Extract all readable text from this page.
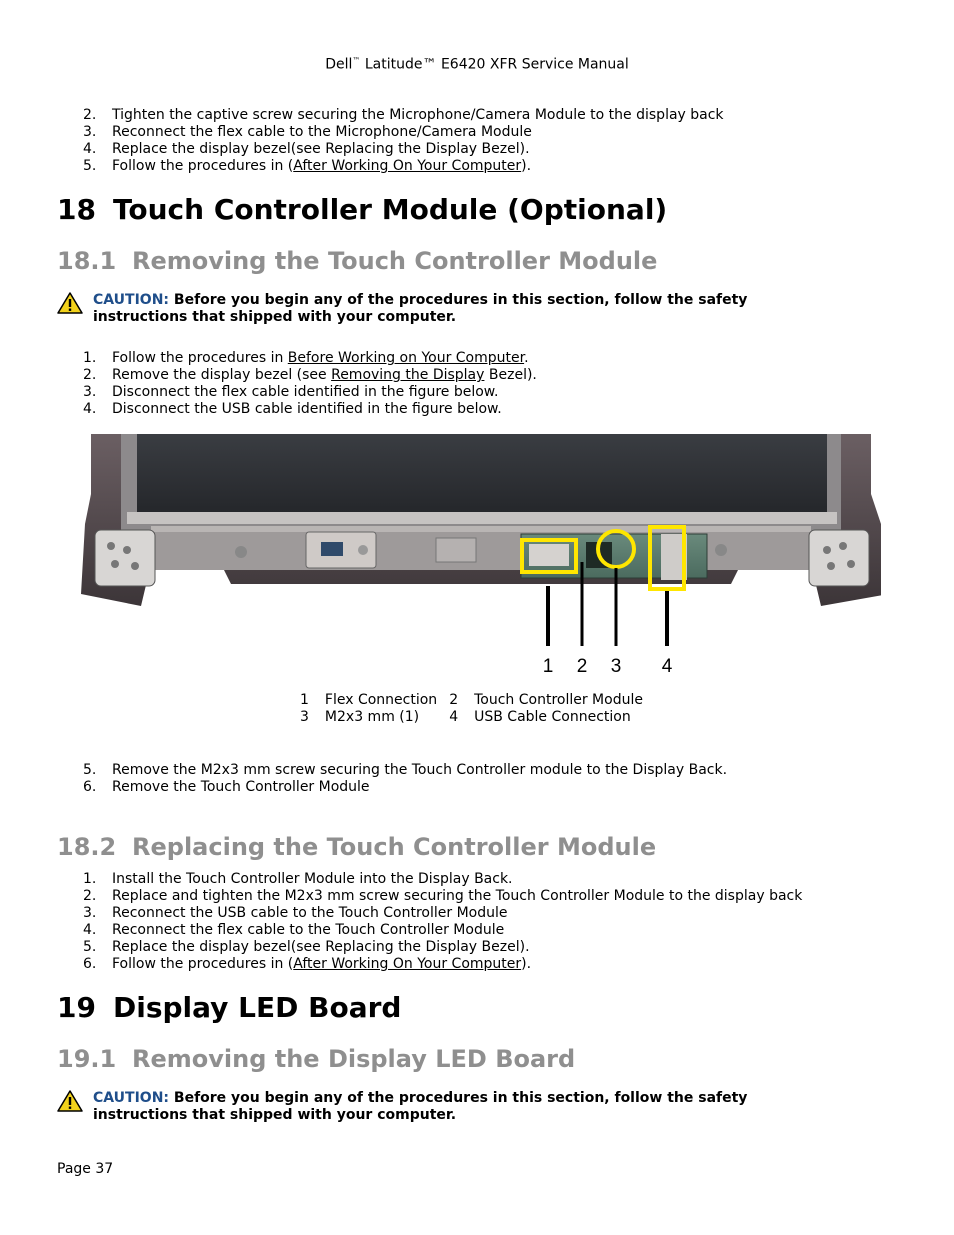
Dell™ Latitude™ E6420 XFR Service Manual
2. Tighten the captive screw securing the Microphone/Camera Module to the display back
3. Reconnect the flex cable to the Microphone/Camera Module
4. Replace the display bezel(see Replacing the Display Bezel).
5. Follow the procedures in (After Working On Your Computer).
18 Touch Controller Module (Optional)
18.1 Removing the Touch Controller Module
CAUTION: Before you begin any of the procedures in this section, follow the safety instructions that shipped with your computer.
1. Follow the procedures in Before Working on Your Computer.
2. Remove the display bezel (see Removing the Display Bezel).
3. Disconnect the flex cable identified in the figure below.
4. Disconnect the USB cable identified in the figure below.
1 2 3 4
1	Flex Connection	2	Touch Controller Module
3	M2x3 mm (1)	4	USB Cable Connection
5. Remove the M2x3 mm screw securing the Touch Controller module to the Display Back.
6. Remove the Touch Controller Module
18.2 Replacing the Touch Controller Module
1. Install the Touch Controller Module into the Display Back.
2. Replace and tighten the M2x3 mm screw securing the Touch Controller Module to the display back
3. Reconnect the USB cable to the Touch Controller Module
4. Reconnect the flex cable to the Touch Controller Module
5. Replace the display bezel(see Replacing the Display Bezel).
6. Follow the procedures in (After Working On Your Computer).
19 Display LED Board
19.1 Removing the Display LED Board
CAUTION: Before you begin any of the procedures in this section, follow the safety instructions that shipped with your computer.
Page 37
